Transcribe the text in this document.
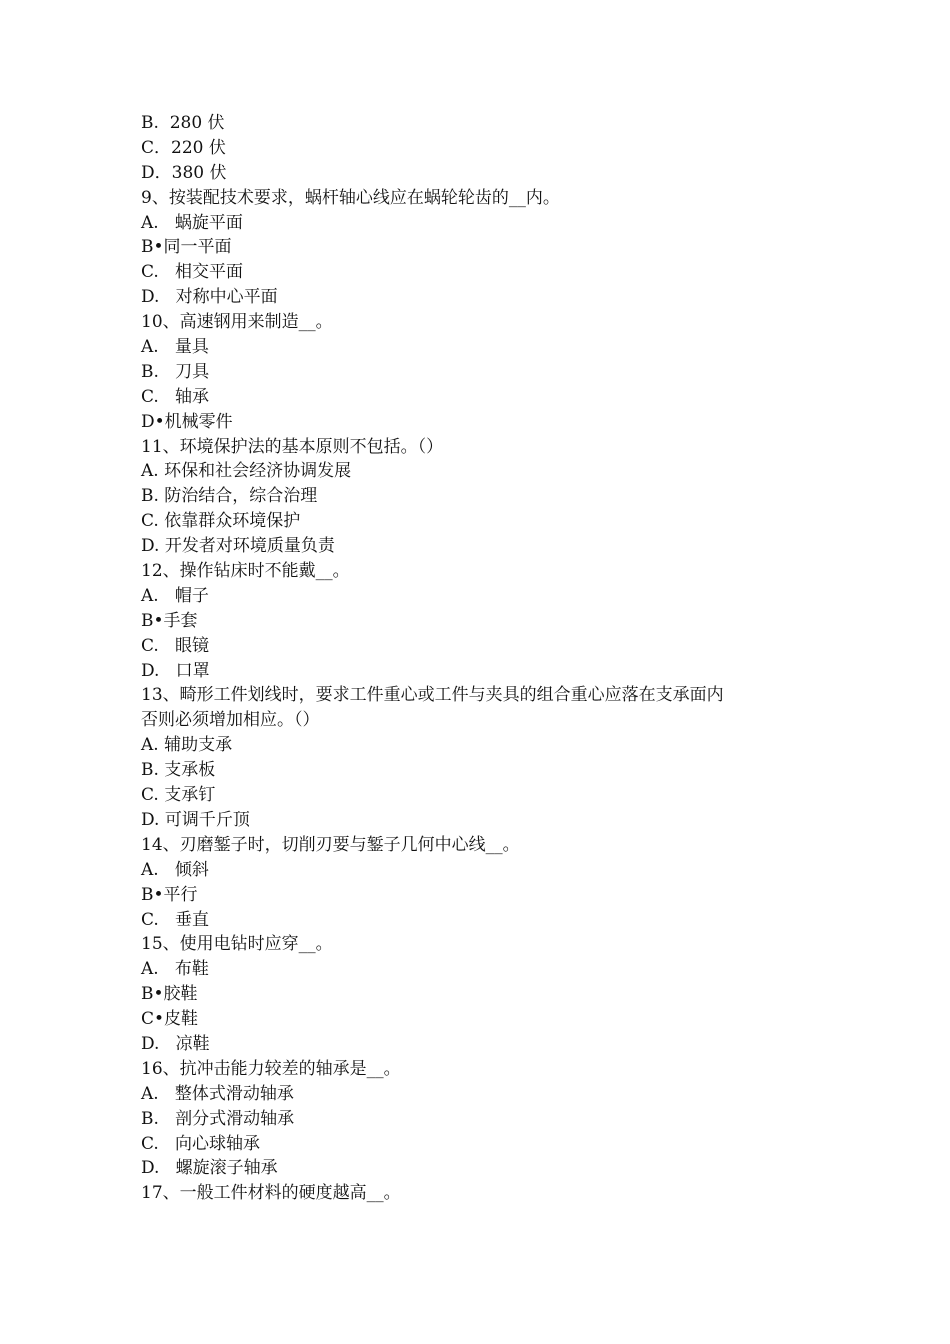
B.  280 伏
C．220 伏
D．380 伏
9、按装配技术要求，蜗杆轴心线应在蜗轮轮齿的__内。
A.   蜗旋平面
B•同一平面
C.   相交平面
D.   对称中心平面
10、高速钢用来制造__。
A.   量具
B.   刀具
C.   轴承
D•机械零件
11、环境保护法的基本原则不包括。（）
A. 环保和社会经济协调发展
B. 防治结合，综合治理
C. 依靠群众环境保护
D. 开发者对环境质量负责
12、操作钻床时不能戴__。
A.   帽子
B•手套
C.   眼镜
D.   口罩
13、畸形工件划线时，要求工件重心或工件与夹具的组合重心应落在支承面内
否则必须增加相应。（）
A. 辅助支承
B. 支承板
C. 支承钉
D. 可调千斤顶
14、刃磨錾子时，切削刃要与錾子几何中心线__。
A.   倾斜
B•平行
C.   垂直
15、使用电钻时应穿__。
A.   布鞋
B•胶鞋
C•皮鞋
D.   凉鞋
16、抗冲击能力较差的轴承是__。
A.   整体式滑动轴承
B.   剖分式滑动轴承
C.   向心球轴承
D.   螺旋滚子轴承
17、一般工件材料的硬度越高__。
